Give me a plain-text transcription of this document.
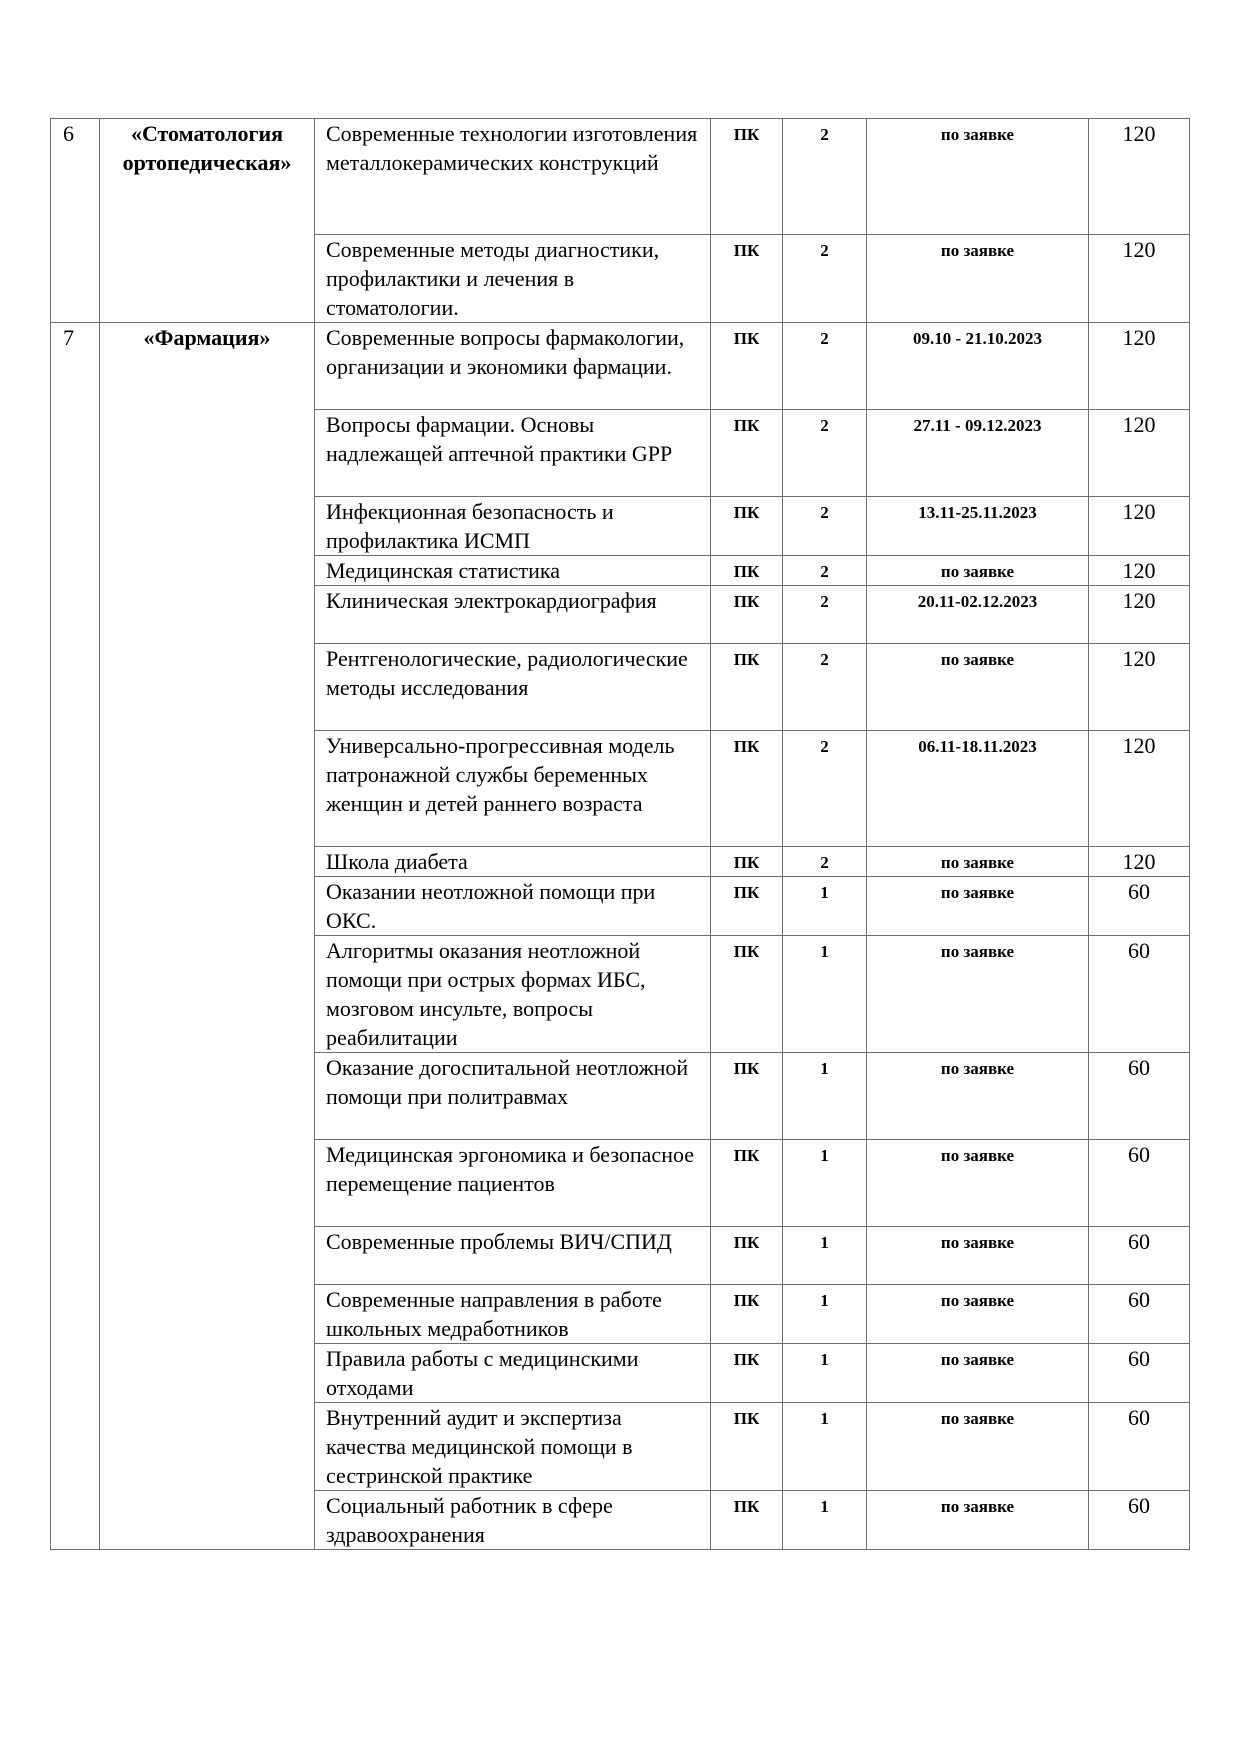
6	«Стоматология ортопедическая»	Современные технологии изготовления металлокерамических конструкций	ПК	2	по заявке	120
		Современные методы диагностики, профилактики и лечения в стоматологии.	ПК	2	по заявке	120
7	«Фармация»	Современные вопросы фармакологии, организации и экономики фармации.	ПК	2	09.10 - 21.10.2023	120
		Вопросы фармации. Основы надлежащей аптечной практики GPP	ПК	2	27.11 - 09.12.2023	120
		Инфекционная безопасность и профилактика ИСМП	ПК	2	13.11-25.11.2023	120
		Медицинская статистика	ПК	2	по заявке	120
		Клиническая электрокардиография	ПК	2	20.11-02.12.2023	120
		Рентгенологические, радиологические методы исследования	ПК	2	по заявке	120
		Универсально-прогрессивная модель патронажной службы беременных женщин и детей раннего возраста	ПК	2	06.11-18.11.2023	120
		Школа диабета	ПК	2	по заявке	120
		Оказании неотложной помощи при ОКС.	ПК	1	по заявке	60
		Алгоритмы оказания неотложной помощи при острых формах ИБС, мозговом инсульте, вопросы реабилитации	ПК	1	по заявке	60
		Оказание догоспитальной неотложной помощи при политравмах	ПК	1	по заявке	60
		Медицинская эргономика и безопасное перемещение пациентов	ПК	1	по заявке	60
		Современные проблемы ВИЧ/СПИД	ПК	1	по заявке	60
		Современные направления в работе школьных медработников	ПК	1	по заявке	60
		Правила работы с медицинскими отходами	ПК	1	по заявке	60
		Внутренний аудит и экспертиза качества медицинской помощи в сестринской практике	ПК	1	по заявке	60
		Социальный работник в сфере здравоохранения	ПК	1	по заявке	60
